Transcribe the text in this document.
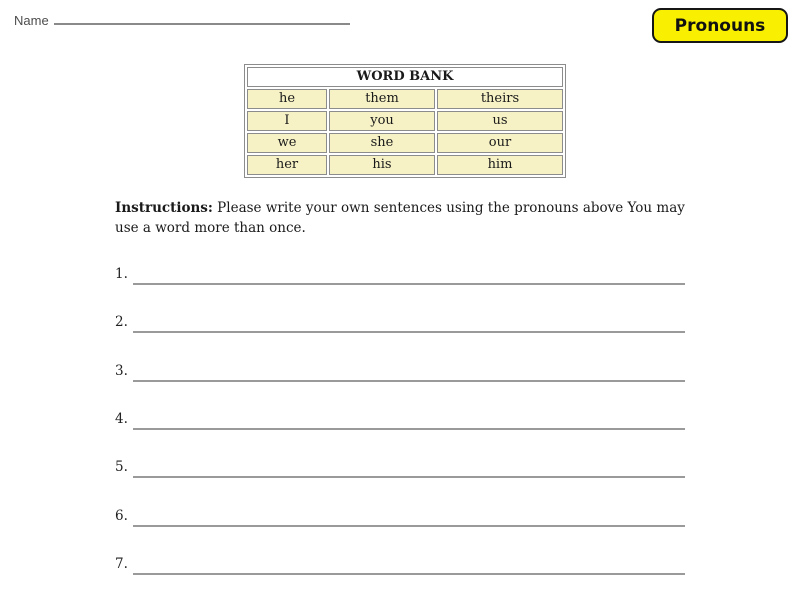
Name	Pronouns
WORD BANK		
he	them	theirs
I	you	us
we	she	our
her	his	him
Instructions: Please write your own sentences using the pronouns above You may use a word more than once.
1.
2.
3.
4.
5.
6.
7.
